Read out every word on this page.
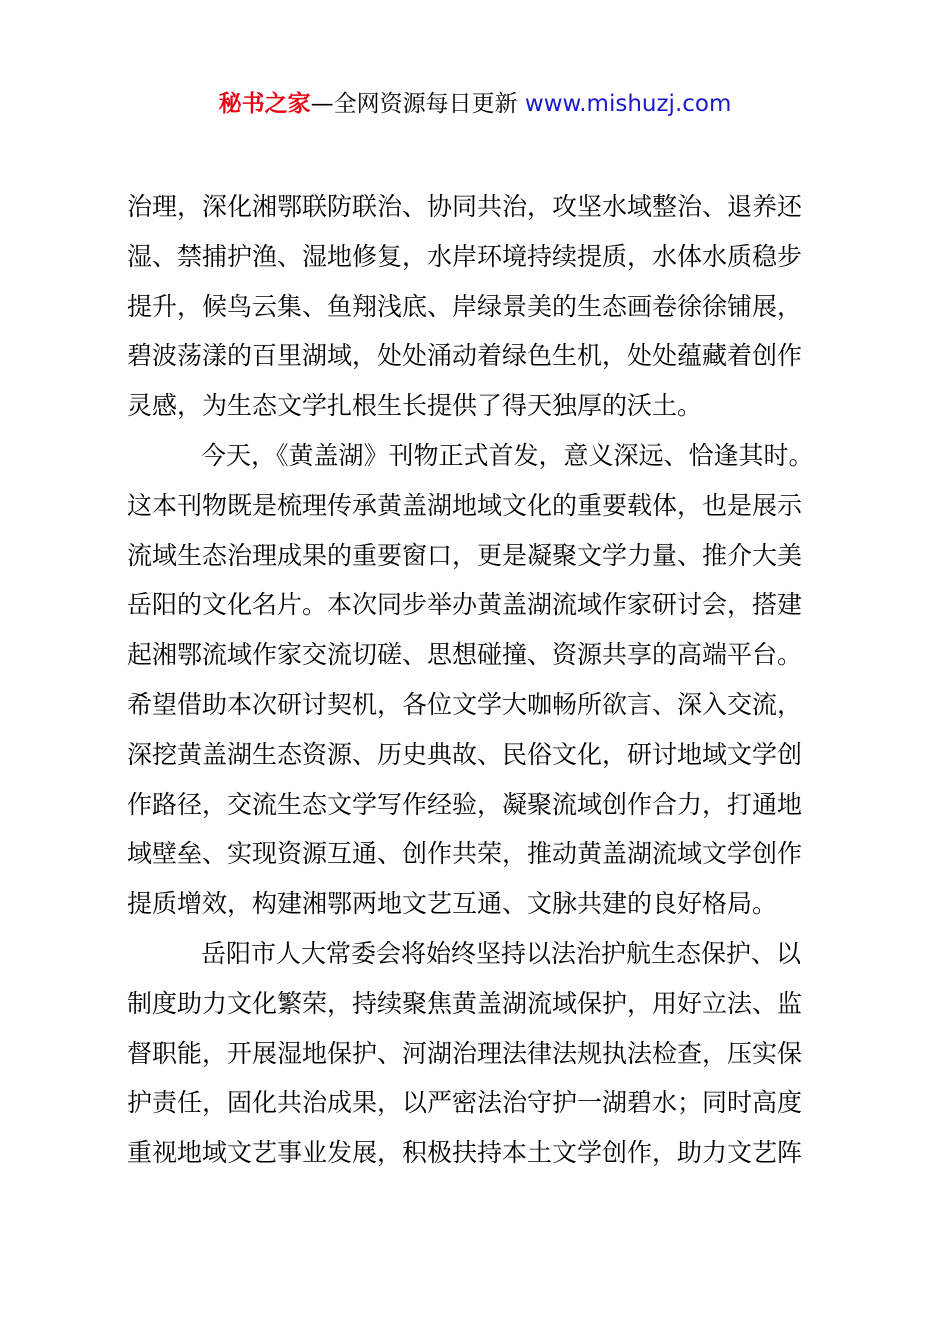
秘书之家—全网资源每日更新 www.mishuzj.com
治理，深化湘鄂联防联治、协同共治，攻坚水域整治、退养还
湿、禁捕护渔、湿地修复，水岸环境持续提质，水体水质稳步
提升，候鸟云集、鱼翔浅底、岸绿景美的生态画卷徐徐铺展，
碧波荡漾的百里湖域，处处涌动着绿色生机，处处蕴藏着创作
灵感，为生态文学扎根生长提供了得天独厚的沃土。
今天，《黄盖湖》刊物正式首发，意义深远、恰逢其时。
这本刊物既是梳理传承黄盖湖地域文化的重要载体，也是展示
流域生态治理成果的重要窗口，更是凝聚文学力量、推介大美
岳阳的文化名片。本次同步举办黄盖湖流域作家研讨会，搭建
起湘鄂流域作家交流切磋、思想碰撞、资源共享的高端平台。
希望借助本次研讨契机，各位文学大咖畅所欲言、深入交流，
深挖黄盖湖生态资源、历史典故、民俗文化，研讨地域文学创
作路径，交流生态文学写作经验，凝聚流域创作合力，打通地
域壁垒、实现资源互通、创作共荣，推动黄盖湖流域文学创作
提质增效，构建湘鄂两地文艺互通、文脉共建的良好格局。
岳阳市人大常委会将始终坚持以法治护航生态保护、以
制度助力文化繁荣，持续聚焦黄盖湖流域保护，用好立法、监
督职能，开展湿地保护、河湖治理法律法规执法检查，压实保
护责任，固化共治成果，以严密法治守护一湖碧水；同时高度
重视地域文艺事业发展，积极扶持本土文学创作，助力文艺阵
